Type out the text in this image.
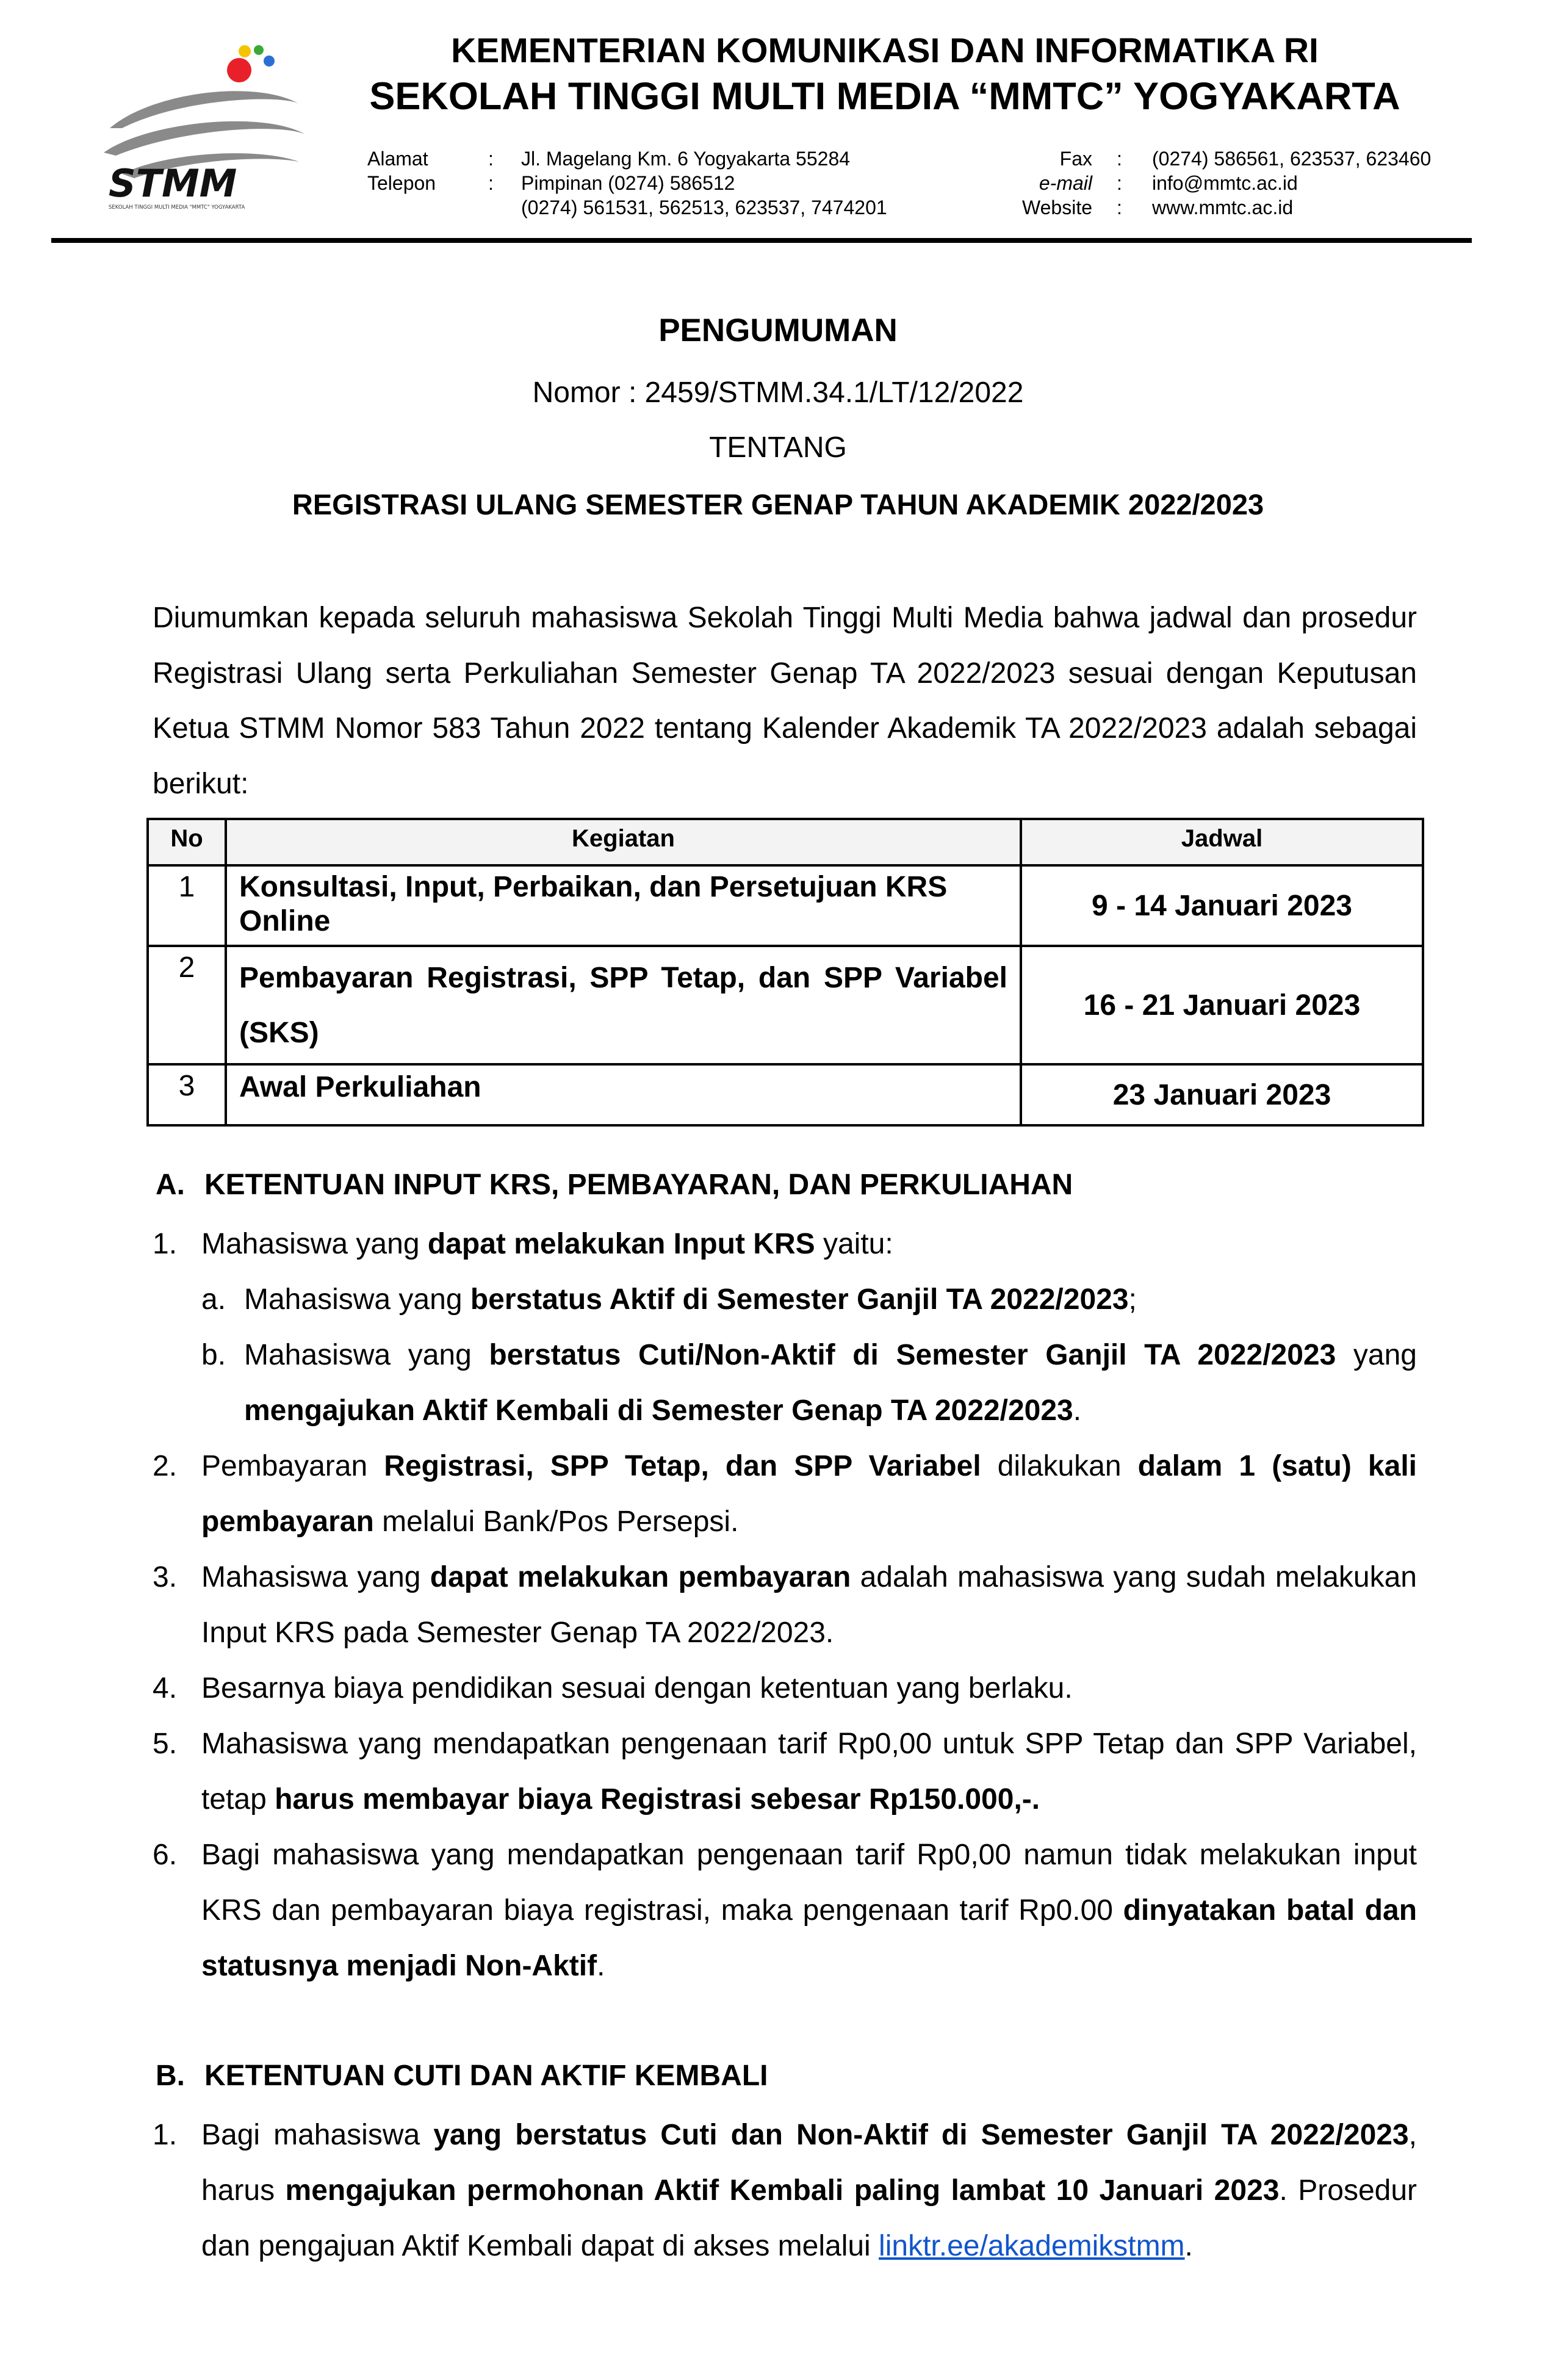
STMM
SEKOLAH TINGGI MULTI MEDIA "MMTC" YOGYAKARTA
KEMENTERIAN KOMUNIKASI DAN INFORMATIKA RI
SEKOLAH TINGGI MULTI MEDIA “MMTC” YOGYAKARTA
Alamat	: Jl. Magelang Km. 6 Yogyakarta 55284
Telepon	: Pimpinan (0274) 586512
(0274) 561531, 562513, 623537, 7474201
Fax : (0274) 586561, 623537, 623460
e-mail : info@mmtc.ac.id
Website : www.mmtc.ac.id
PENGUMUMAN
Nomor : 2459/STMM.34.1/LT/12/2022
TENTANG
REGISTRASI ULANG SEMESTER GENAP TAHUN AKADEMIK 2022/2023
Diumumkan kepada seluruh mahasiswa Sekolah Tinggi Multi Media bahwa jadwal dan prosedur Registrasi Ulang serta Perkuliahan Semester Genap TA 2022/2023 sesuai dengan Keputusan Ketua STMM Nomor 583 Tahun 2022 tentang Kalender Akademik TA 2022/2023 adalah sebagai berikut:
No	Kegiatan	Jadwal
1	Konsultasi, Input, Perbaikan, dan Persetujuan KRS Online	9 - 14 Januari 2023
2	Pembayaran Registrasi, SPP Tetap, dan SPP Variabel (SKS)	16 - 21 Januari 2023
3	Awal Perkuliahan	23 Januari 2023
A. KETENTUAN INPUT KRS, PEMBAYARAN, DAN PERKULIAHAN
1. Mahasiswa yang dapat melakukan Input KRS yaitu:
a. Mahasiswa yang berstatus Aktif di Semester Ganjil TA 2022/2023;
b. Mahasiswa yang berstatus Cuti/Non-Aktif di Semester Ganjil TA 2022/2023 yang mengajukan Aktif Kembali di Semester Genap TA 2022/2023.
2. Pembayaran Registrasi, SPP Tetap, dan SPP Variabel dilakukan dalam 1 (satu) kali pembayaran melalui Bank/Pos Persepsi.
3. Mahasiswa yang dapat melakukan pembayaran adalah mahasiswa yang sudah melakukan Input KRS pada Semester Genap TA 2022/2023.
4. Besarnya biaya pendidikan sesuai dengan ketentuan yang berlaku.
5. Mahasiswa yang mendapatkan pengenaan tarif Rp0,00 untuk SPP Tetap dan SPP Variabel, tetap harus membayar biaya Registrasi sebesar Rp150.000,-.
6. Bagi mahasiswa yang mendapatkan pengenaan tarif Rp0,00 namun tidak melakukan input KRS dan pembayaran biaya registrasi, maka pengenaan tarif Rp0.00 dinyatakan batal dan statusnya menjadi Non-Aktif.
B. KETENTUAN CUTI DAN AKTIF KEMBALI
1. Bagi mahasiswa yang berstatus Cuti dan Non-Aktif di Semester Ganjil TA 2022/2023, harus mengajukan permohonan Aktif Kembali paling lambat 10 Januari 2023. Prosedur dan pengajuan Aktif Kembali dapat di akses melalui linktr.ee/akademikstmm.
